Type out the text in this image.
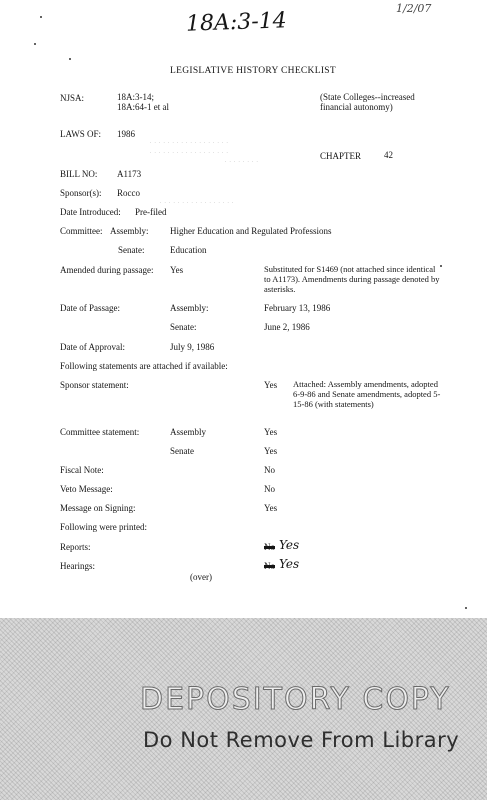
18A:3-14	1/2/07
LEGISLATIVE HISTORY CHECKLIST
NJSA:	18A:3-14;
18A:64-1 et al
(State Colleges--increased
financial autonomy)
LAWS OF: 1986
. . . . . . . . . . . . . . . . . .
. . . . . . . . . . . . . . . . . .
. . . . . . . .
CHAPTER	42
BILL NO: A1173
Sponsor(s): Rocco
. . . . . . . . . . . . . . . . .
Date Introduced: Pre-filed
Committee: Assembly: Higher Education and Regulated Professions
Senate:	Education
Amended during passage: Yes	Substituted for S1469 (not attached since identical to A1173). Amendments during passage denoted by asterisks.
Date of Passage:	Assembly:	February 13, 1986
Senate:	June 2, 1986
Date of Approval:	July 9, 1986
Following statements are attached if available:
Sponsor statement:	Yes Attached: Assembly amendments, adopted 6-9-86 and Senate amendments, adopted 5-15-86 (with statements)
Committee statement:	Assembly	Yes
Senate	Yes
Fiscal Note:	No
Veto Message:	No
Message on Signing:	Yes
Following were printed:
Reports:	No Yes
Hearings:	No Yes
(over)
DEPOSITORY COPY
Do Not Remove From Library
